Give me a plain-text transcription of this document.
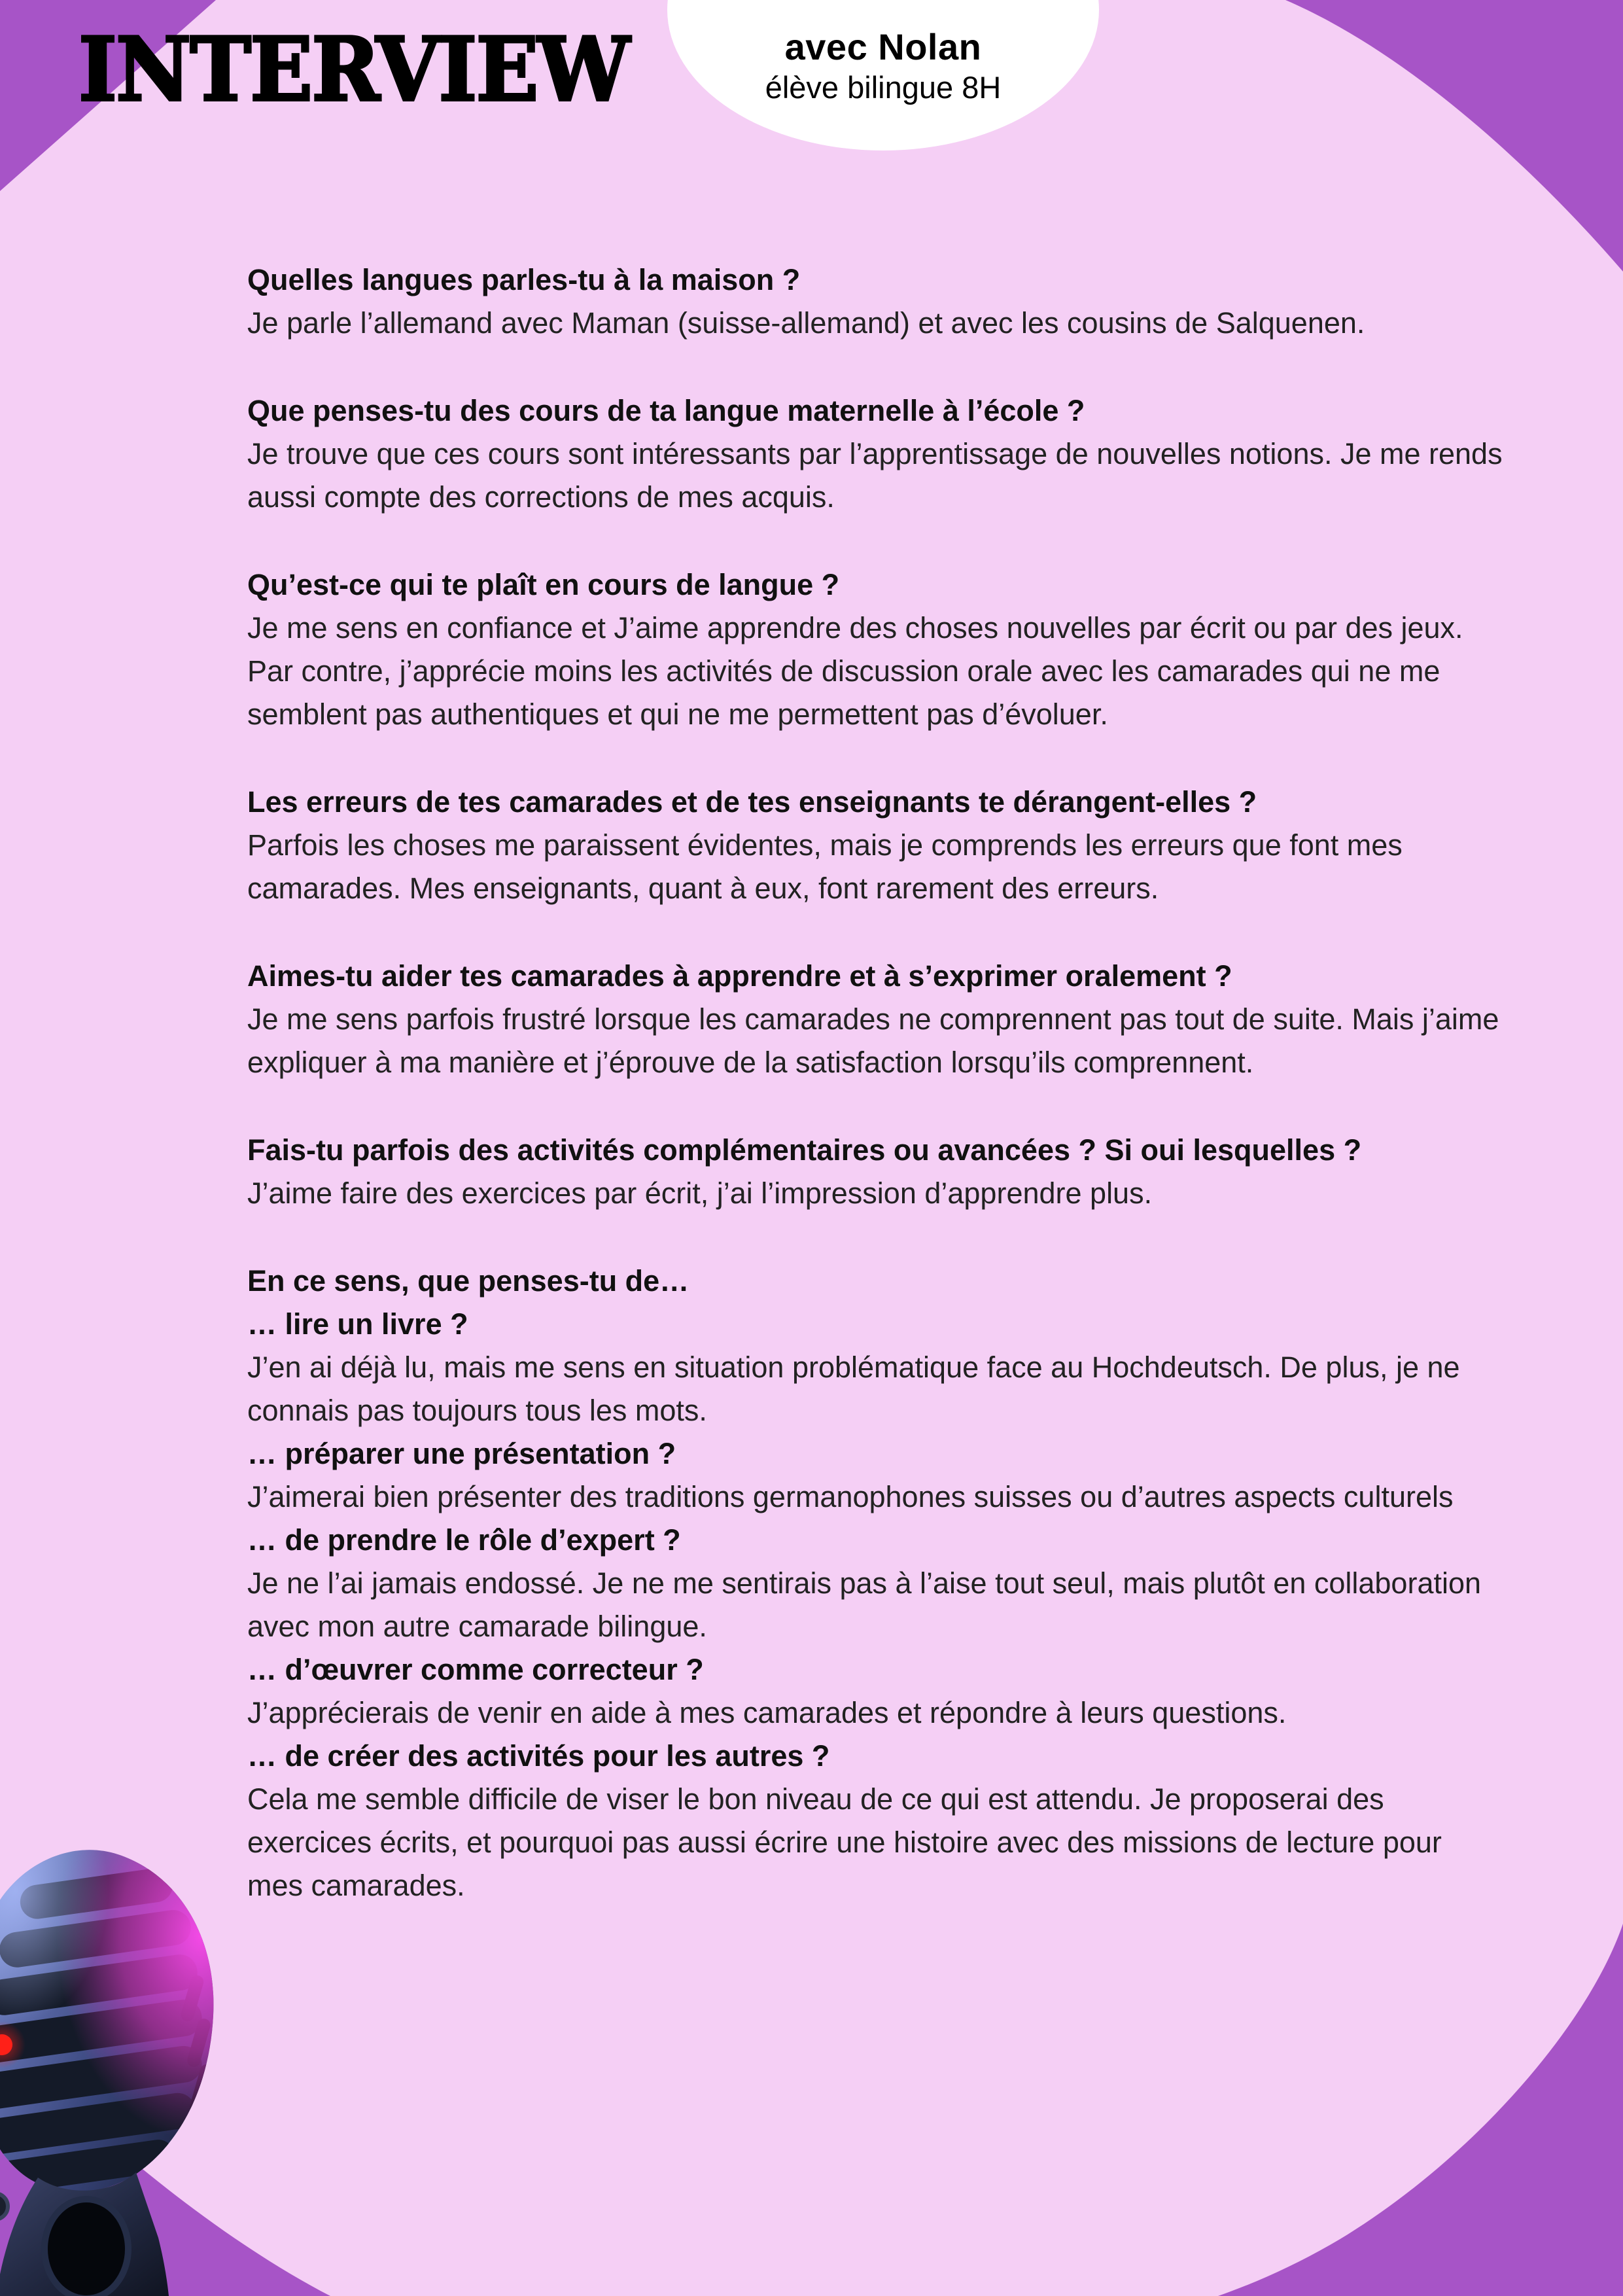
INTERVIEW	avec Nolan
élève bilingue 8H

Quelles langues parles-tu à la maison ?

Je parle l’allemand avec Maman (suisse-allemand) et avec les cousins de Salquenen.

Que penses-tu des cours de ta langue maternelle à l’école ?

Je trouve que ces cours sont intéressants par l’apprentissage de nouvelles notions. Je me rends aussi compte des corrections de mes acquis.

Qu’est-ce qui te plaît en cours de langue ?

Je me sens en confiance et J’aime apprendre des choses nouvelles par écrit ou par des jeux. Par contre, j’apprécie moins les activités de discussion orale avec les camarades qui ne me semblent pas authentiques et qui ne me permettent pas d’évoluer.

Les erreurs de tes camarades et de tes enseignants te dérangent-elles ?

Parfois les choses me paraissent évidentes, mais je comprends les erreurs que font mes camarades. Mes enseignants, quant à eux, font rarement des erreurs.

Aimes-tu aider tes camarades à apprendre et à s’exprimer oralement ?

Je me sens parfois frustré lorsque les camarades ne comprennent pas tout de suite. Mais j’aime expliquer à ma manière et j’éprouve de la satisfaction lorsqu’ils comprennent.

Fais-tu parfois des activités complémentaires ou avancées ? Si oui lesquelles ?

J’aime faire des exercices par écrit, j’ai l’impression d’apprendre plus.

En ce sens, que penses-tu de…

… lire un livre ?

J’en ai déjà lu, mais me sens en situation problématique face au Hochdeutsch. De plus, je ne connais pas toujours tous les mots.

… préparer une présentation ?

J’aimerai bien présenter des traditions germanophones suisses ou d’autres aspects culturels

… de prendre le rôle d’expert ?

Je ne l’ai jamais endossé. Je ne me sentirais pas à l’aise tout seul, mais plutôt en collaboration avec mon autre camarade bilingue.

… d’œuvrer comme correcteur ?

J’apprécierais de venir en aide à mes camarades et répondre à leurs questions.

… de créer des activités pour les autres ?

Cela me semble difficile de viser le bon niveau de ce qui est attendu. Je proposerai des exercices écrits, et pourquoi pas aussi écrire une histoire avec des missions de lecture pour mes camarades.
